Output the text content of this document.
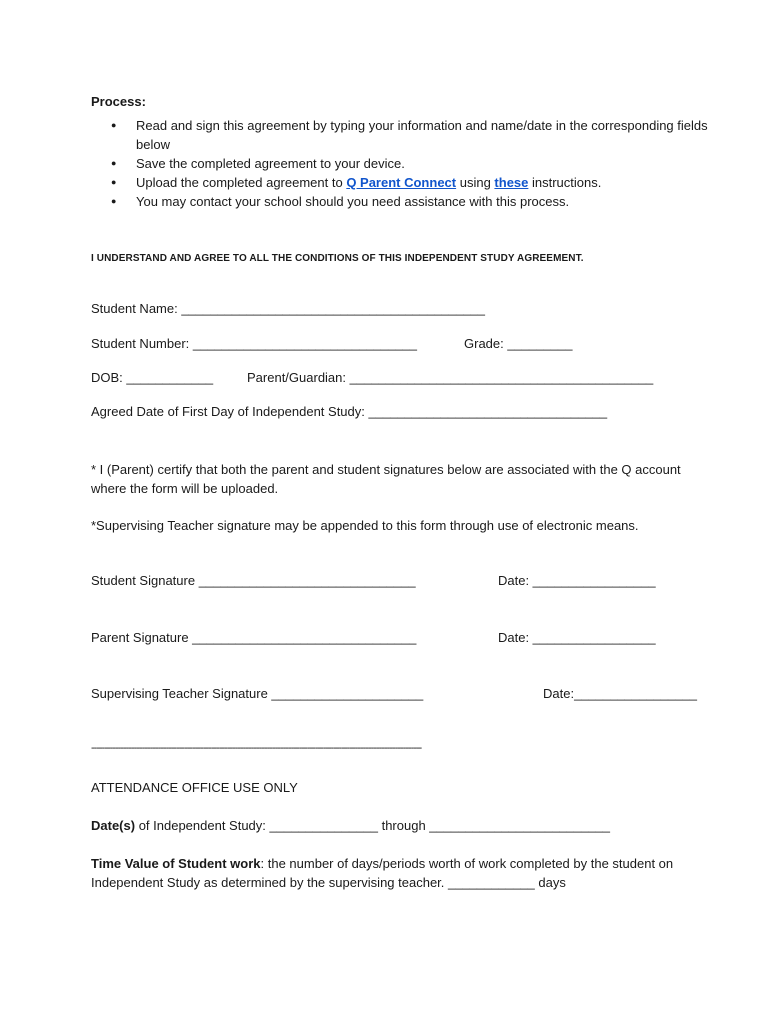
Process:
● Read and sign this agreement by typing your information and name/date in the corresponding fields below
● Save the completed agreement to your device.
● Upload the completed agreement to Q Parent Connect using these instructions.
● You may contact your school should you need assistance with this process.
I UNDERSTAND AND AGREE TO ALL THE CONDITIONS OF THIS INDEPENDENT STUDY AGREEMENT.
Student Name: __________________________________________
Student Number: _______________________________	Grade: _________
DOB: ____________	Parent/Guardian: __________________________________________
Agreed Date of First Day of Independent Study: _________________________________
* I (Parent) certify that both the parent and student signatures below are associated with the Q account where the form will be uploaded.
*Supervising Teacher signature may be appended to this form through use of electronic means.
Student Signature ______________________________	Date: _________________
Parent Signature _______________________________	Date: _________________
Supervising Teacher Signature _____________________	Date:_________________
----------------------------------------------------------------------------------------------------------------------------
ATTENDANCE OFFICE USE ONLY
Date(s) of Independent Study: _______________ through _________________________
Time Value of Student work: the number of days/periods worth of work completed by the student on Independent Study as determined by the supervising teacher. ____________ days
